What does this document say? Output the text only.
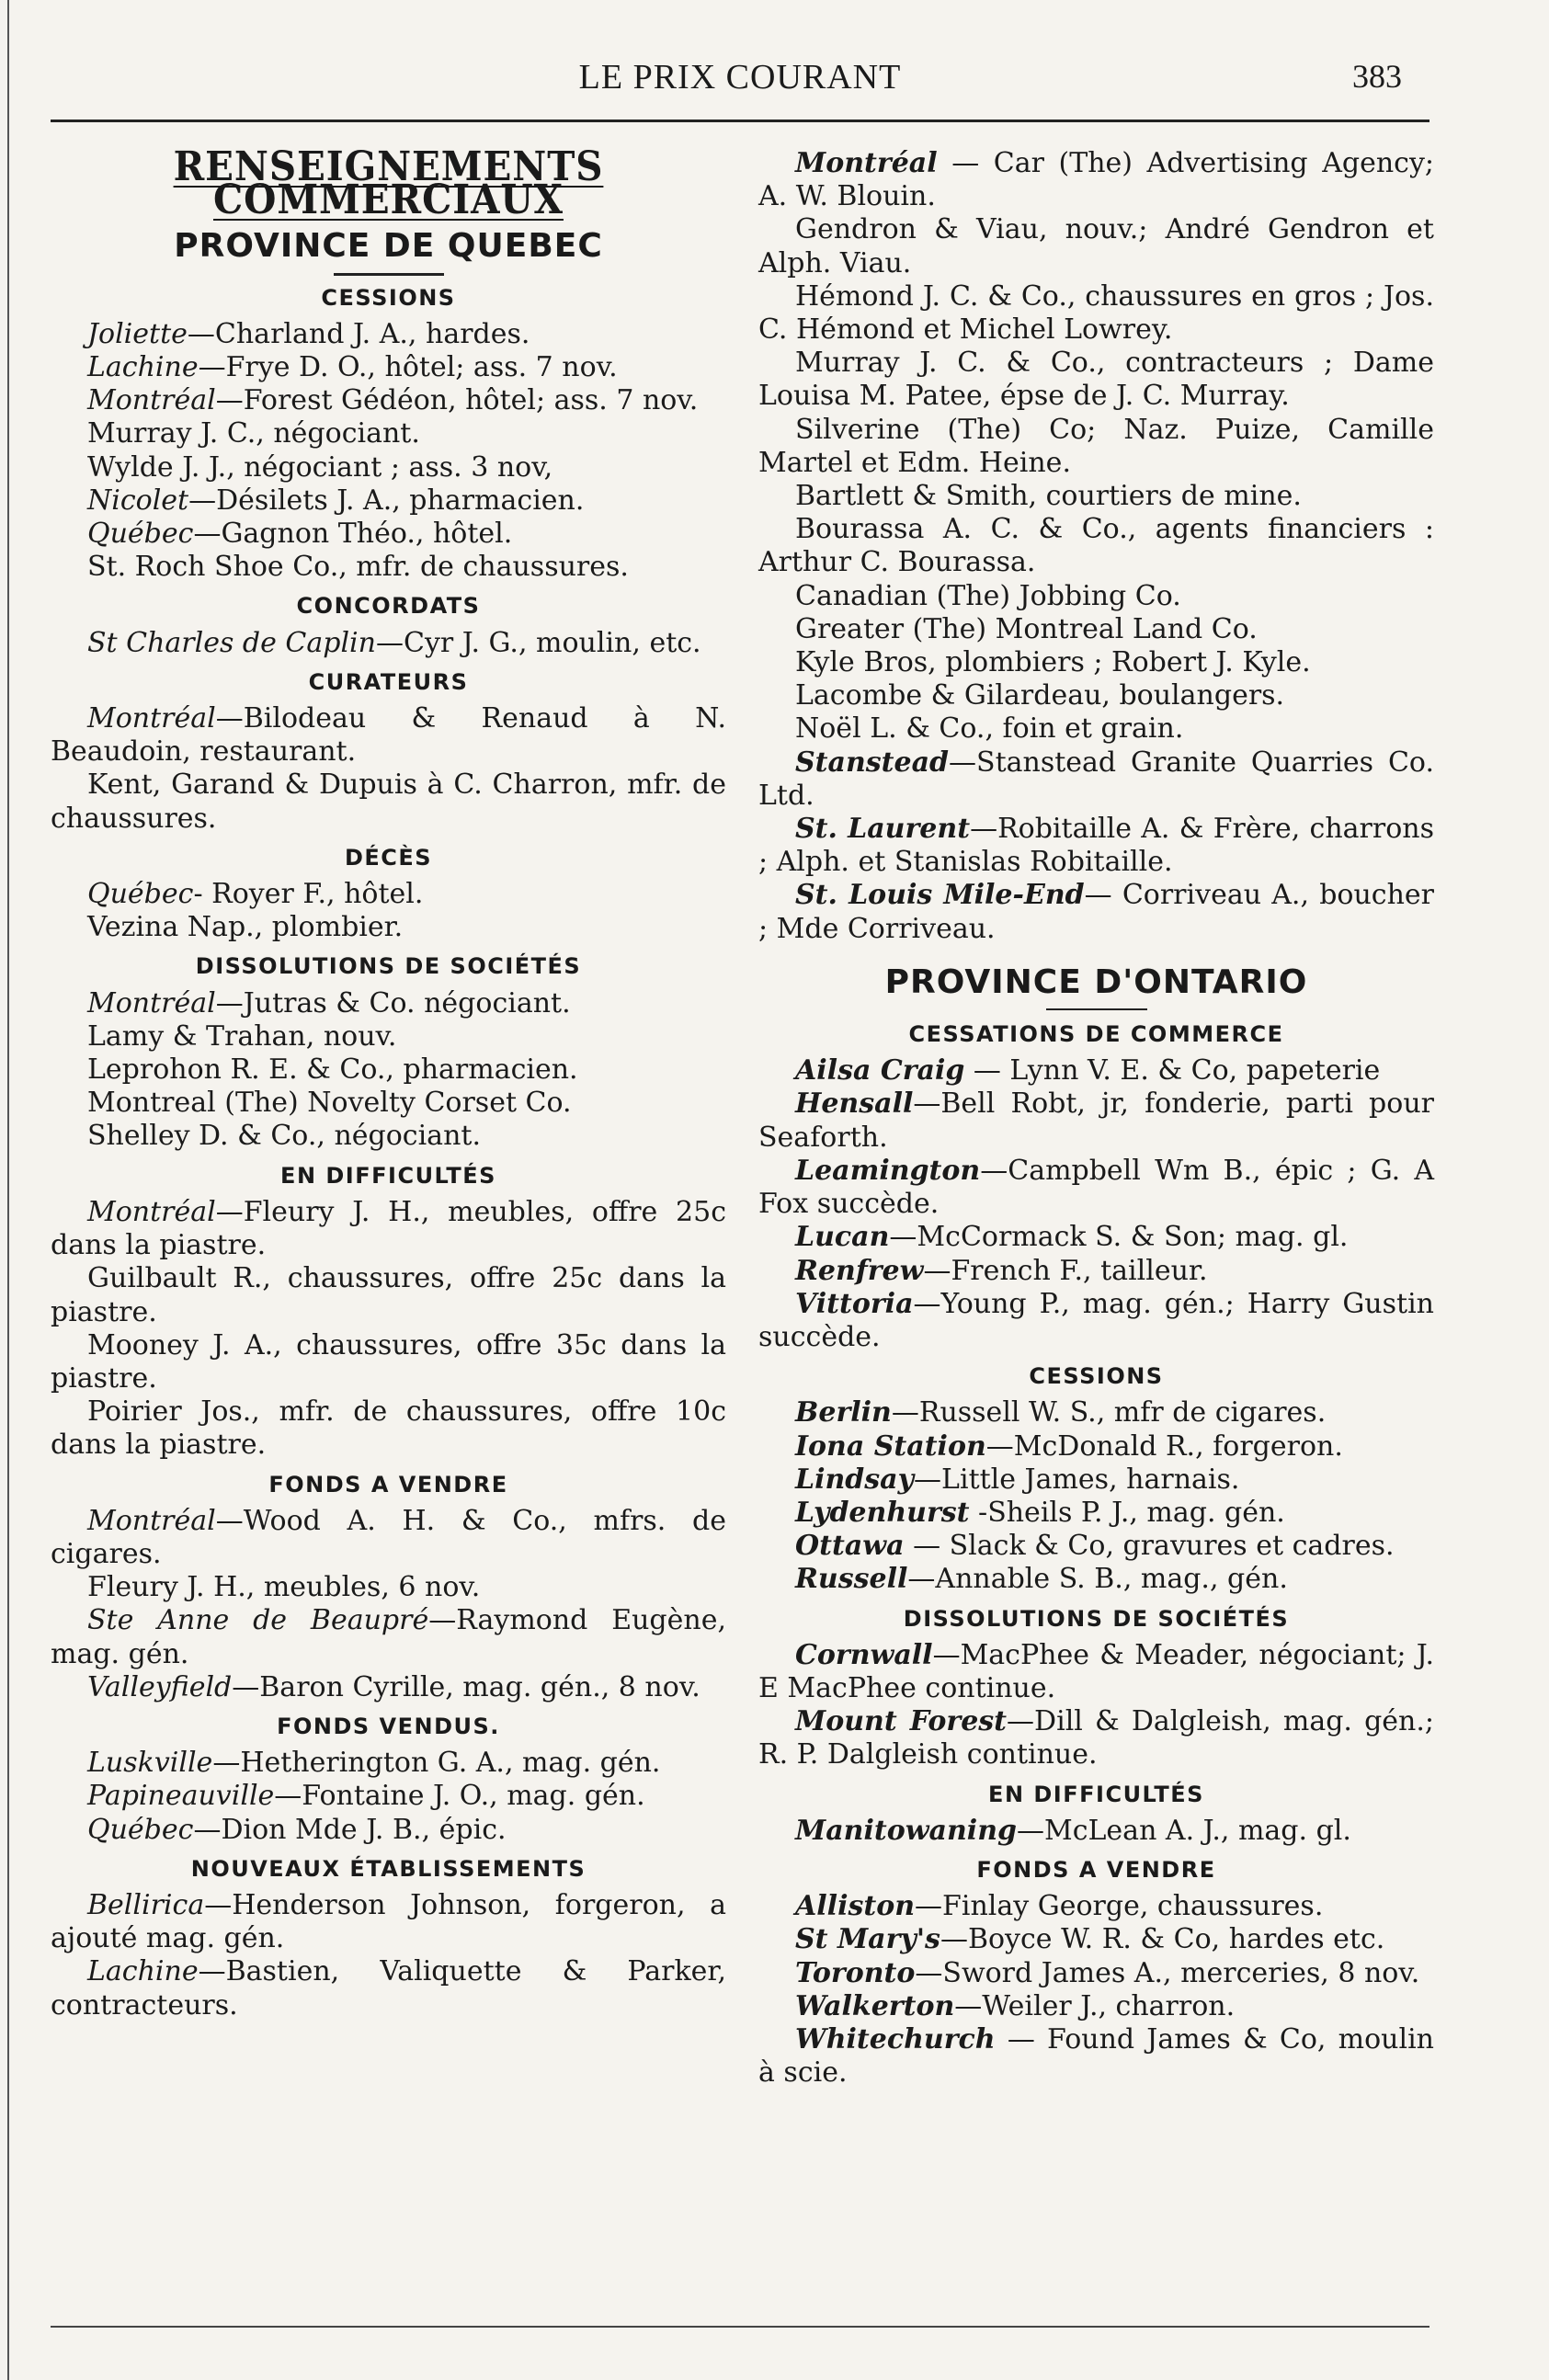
LE PRIX COURANT	383
RENSEIGNEMENTS COMMERCIAUX
PROVINCE DE QUEBEC
CESSIONS

Joliette—Charland J. A., hardes.

Lachine—Frye D. O., hôtel; ass. 7 nov.

Montréal—Forest Gédéon, hôtel; ass. 7 nov.

Murray J. C., négociant.

Wylde J. J., négociant ; ass. 3 nov,

Nicolet—Désilets J. A., pharmacien.

Québec—Gagnon Théo., hôtel.

St. Roch Shoe Co., mfr. de chaussures.

CONCORDATS

St Charles de Caplin—Cyr J. G., moulin, etc.

CURATEURS

Montréal—Bilodeau & Renaud à N. Beaudoin, restaurant.

Kent, Garand & Dupuis à C. Charron, mfr. de chaussures.

DÉCÈS

Québec- Royer F., hôtel.

Vezina Nap., plombier.

DISSOLUTIONS DE SOCIÉTÉS

Montréal—Jutras & Co. négociant.

Lamy & Trahan, nouv.

Leprohon R. E. & Co., pharmacien.

Montreal (The) Novelty Corset Co.

Shelley D. & Co., négociant.

EN DIFFICULTÉS

Montréal—Fleury J. H., meubles, offre 25c dans la piastre.

Guilbault R., chaussures, offre 25c dans la piastre.

Mooney J. A., chaussures, offre 35c dans la piastre.

Poirier Jos., mfr. de chaussures, offre 10c dans la piastre.

FONDS A VENDRE

Montréal—Wood A. H. & Co., mfrs. de cigares.

Fleury J. H., meubles, 6 nov.

Ste Anne de Beaupré—Raymond Eugène, mag. gén.

Valleyfield—Baron Cyrille, mag. gén., 8 nov.

FONDS VENDUS.

Luskville—Hetherington G. A., mag. gén.

Papineauville—Fontaine J. O., mag. gén.

Québec—Dion Mde J. B., épic.

NOUVEAUX ÉTABLISSEMENTS

Bellirica—Henderson Johnson, forgeron, a ajouté mag. gén.

Lachine—Bastien, Valiquette & Parker, contracteurs.

Montréal — Car (The) Advertising Agency; A. W. Blouin.

Gendron & Viau, nouv.; André Gendron et Alph. Viau.

Hémond J. C. & Co., chaussures en gros ; Jos. C. Hémond et Michel Lowrey.

Murray J. C. & Co., contracteurs ; Dame Louisa M. Patee, épse de J. C. Murray.

Silverine (The) Co; Naz. Puize, Camille Martel et Edm. Heine.

Bartlett & Smith, courtiers de mine.

Bourassa A. C. & Co., agents financiers : Arthur C. Bourassa.

Canadian (The) Jobbing Co.

Greater (The) Montreal Land Co.

Kyle Bros, plombiers ; Robert J. Kyle.

Lacombe & Gilardeau, boulangers.

Noël L. & Co., foin et grain.

Stanstead—Stanstead Granite Quarries Co. Ltd.

St. Laurent—Robitaille A. & Frère, charrons ; Alph. et Stanislas Robitaille.

St. Louis Mile-End— Corriveau A., boucher ; Mde Corriveau.

PROVINCE D'ONTARIO
CESSATIONS DE COMMERCE

Ailsa Craig — Lynn V. E. & Co, papeterie

Hensall—Bell Robt, jr, fonderie, parti pour Seaforth.

Leamington—Campbell Wm B., épic ; G. A Fox succède.

Lucan—McCormack S. & Son; mag. gl.

Renfrew—French F., tailleur.

Vittoria—Young P., mag. gén.; Harry Gustin succède.

CESSIONS

Berlin—Russell W. S., mfr de cigares.

Iona Station—McDonald R., forgeron.

Lindsay—Little James, harnais.

Lydenhurst -Sheils P. J., mag. gén.

Ottawa — Slack & Co, gravures et cadres.

Russell—Annable S. B., mag., gén.

DISSOLUTIONS DE SOCIÉTÉS

Cornwall—MacPhee & Meader, négociant; J. E MacPhee continue.

Mount Forest—Dill & Dalgleish, mag. gén.; R. P. Dalgleish continue.

EN DIFFICULTÉS

Manitowaning—McLean A. J., mag. gl.

FONDS A VENDRE

Alliston—Finlay George, chaussures.

St Mary's—Boyce W. R. & Co, hardes etc.

Toronto—Sword James A., merceries, 8 nov.

Walkerton—Weiler J., charron.

Whitechurch — Found James & Co, moulin à scie.
